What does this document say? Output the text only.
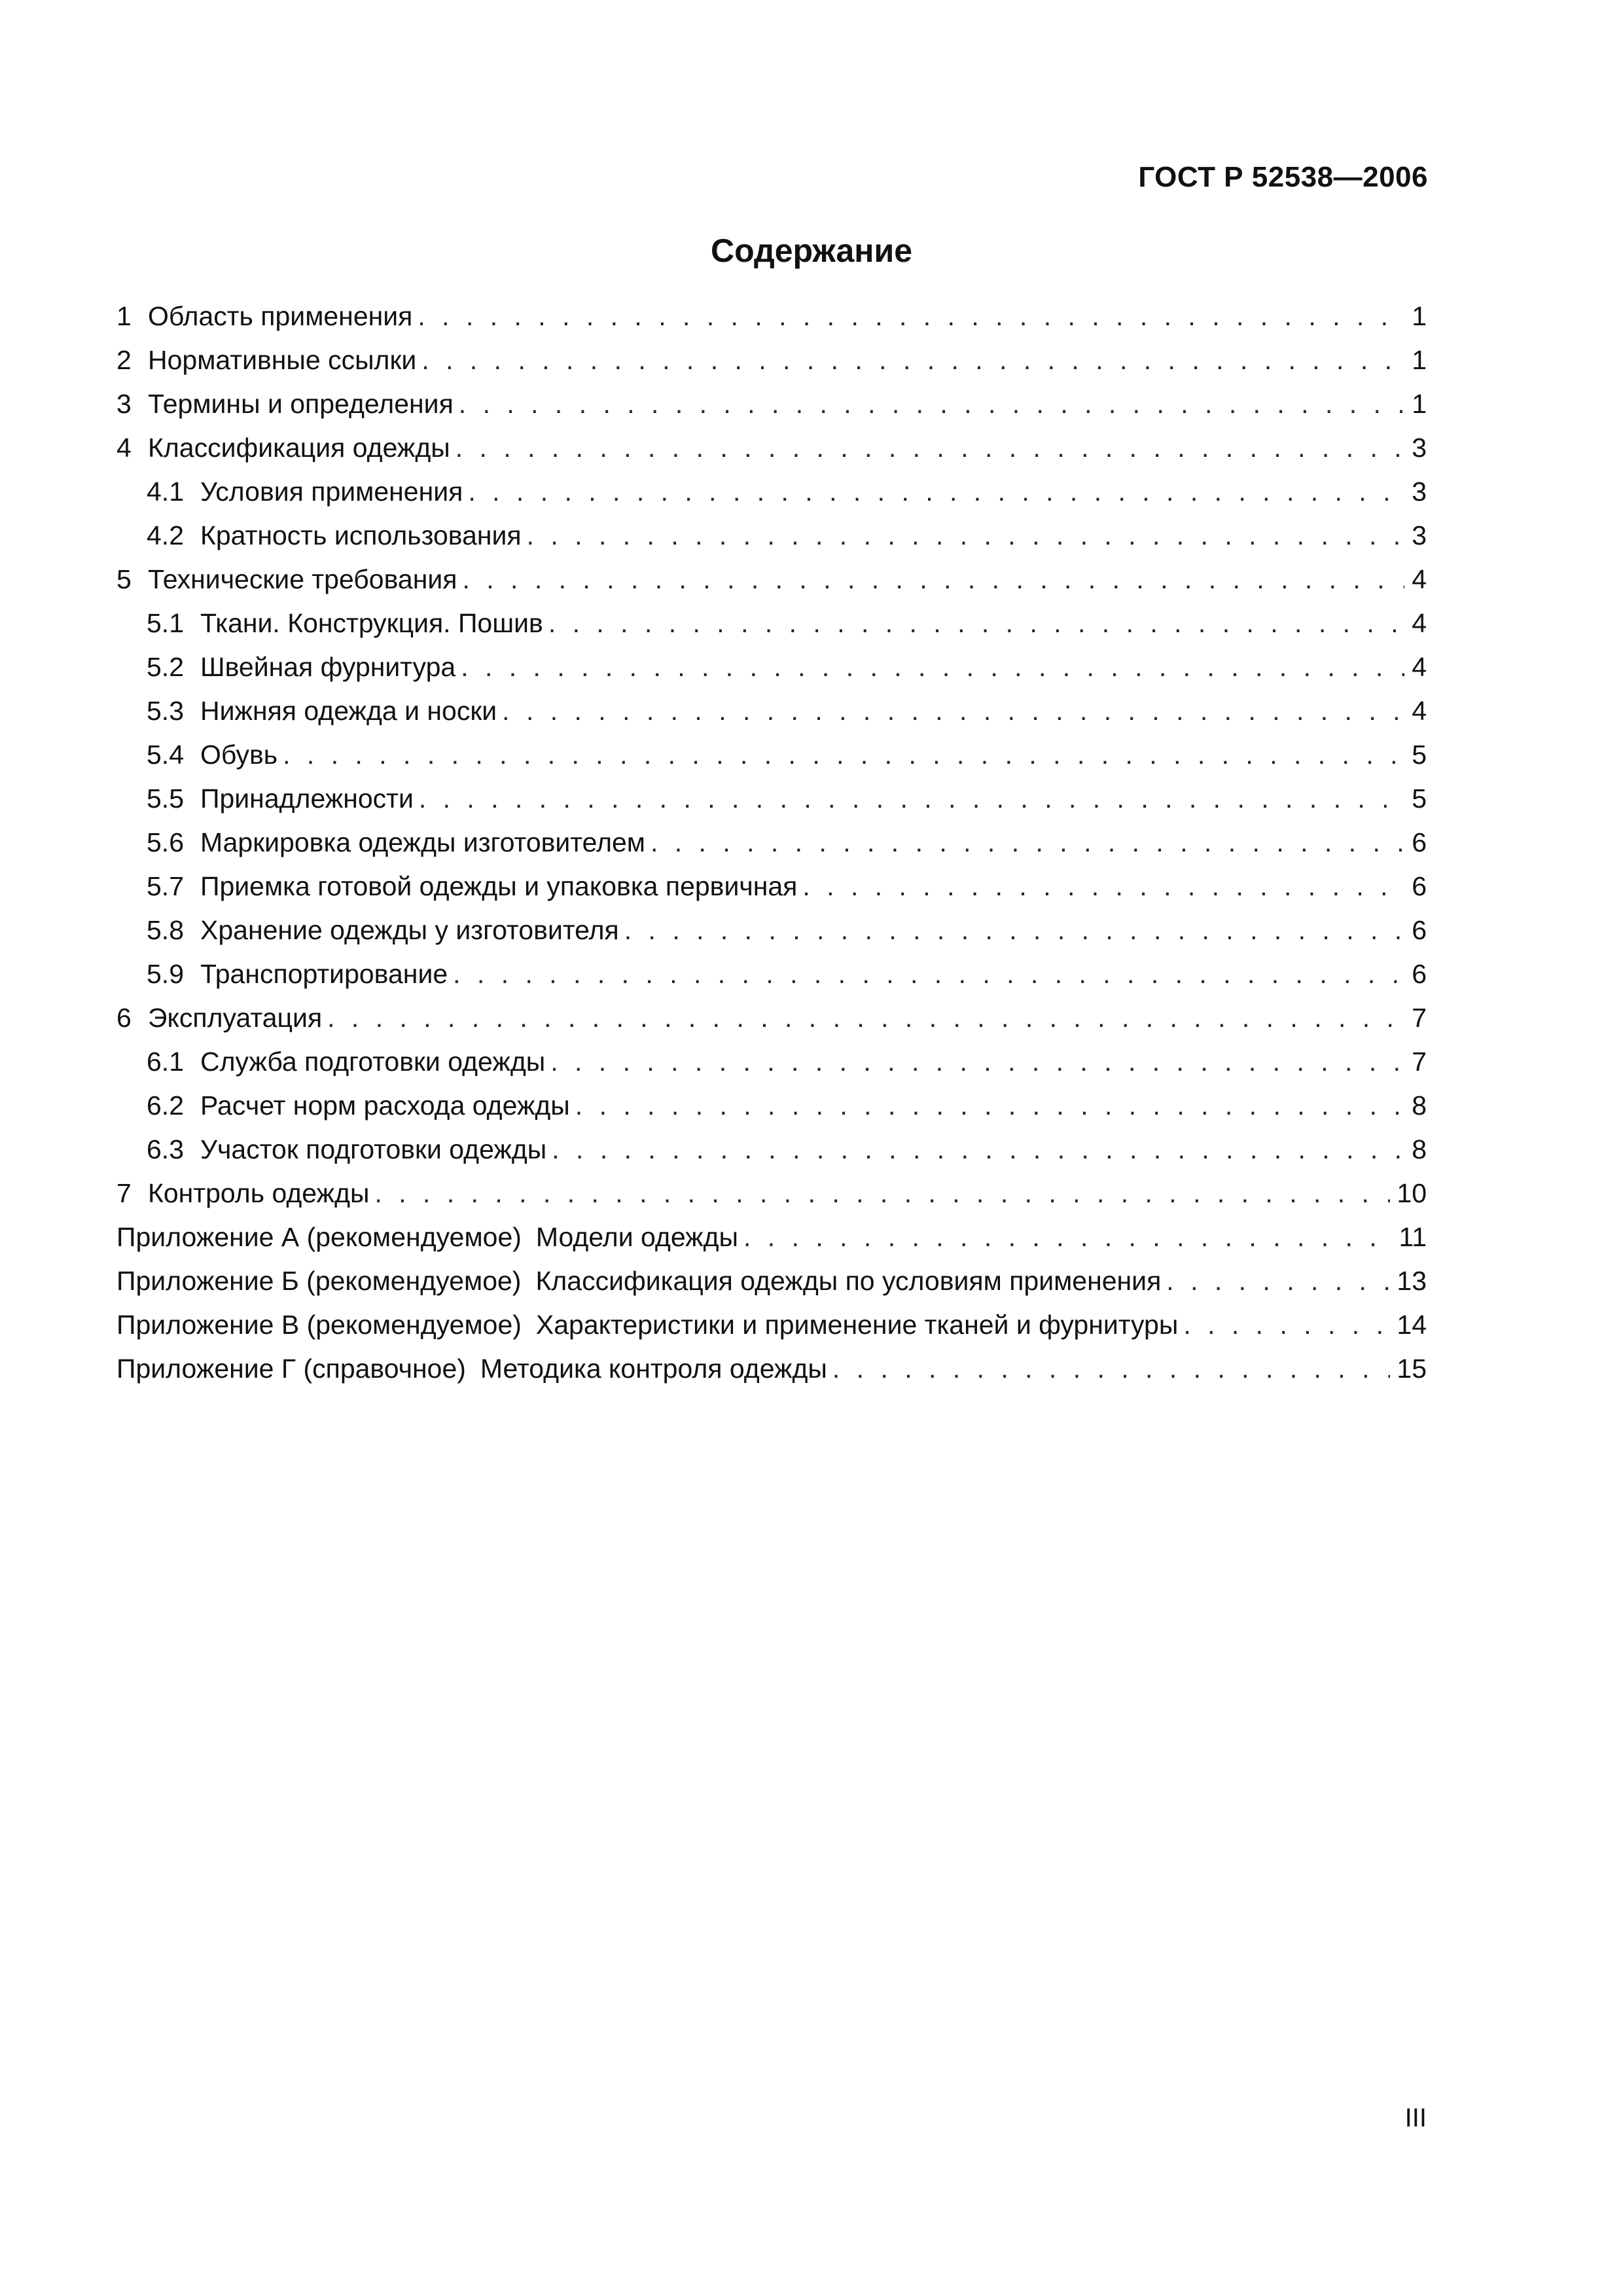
ГОСТ Р 52538—2006
Содержание
1 Область применения . . .	1
2 Нормативные ссылки . . .	1
3 Термины и определения . . .	1
4 Классификация одежды . . .	3
4.1 Условия применения . . .	3
4.2 Кратность использования . . .	3
5 Технические требования . . .	4
5.1 Ткани. Конструкция. Пошив . . .	4
5.2 Швейная фурнитура . . .	4
5.3 Нижняя одежда и носки . . .	4
5.4 Обувь . . .	5
5.5 Принадлежности . . .	5
5.6 Маркировка одежды изготовителем . . .	6
5.7 Приемка готовой одежды и упаковка первичная . . .	6
5.8 Хранение одежды у изготовителя . . .	6
5.9 Транспортирование . . .	6
6 Эксплуатация . . .	7
6.1 Служба подготовки одежды . . .	7
6.2 Расчет норм расхода одежды . . .	8
6.3 Участок подготовки одежды . . .	8
7 Контроль одежды . . .	10
Приложение А (рекомендуемое) Модели одежды . . .	11
Приложение Б (рекомендуемое) Классификация одежды по условиям применения . . .	13
Приложение В (рекомендуемое) Характеристики и применение тканей и фурнитуры . . .	14
Приложение Г (справочное) Методика контроля одежды . . .	15
III
